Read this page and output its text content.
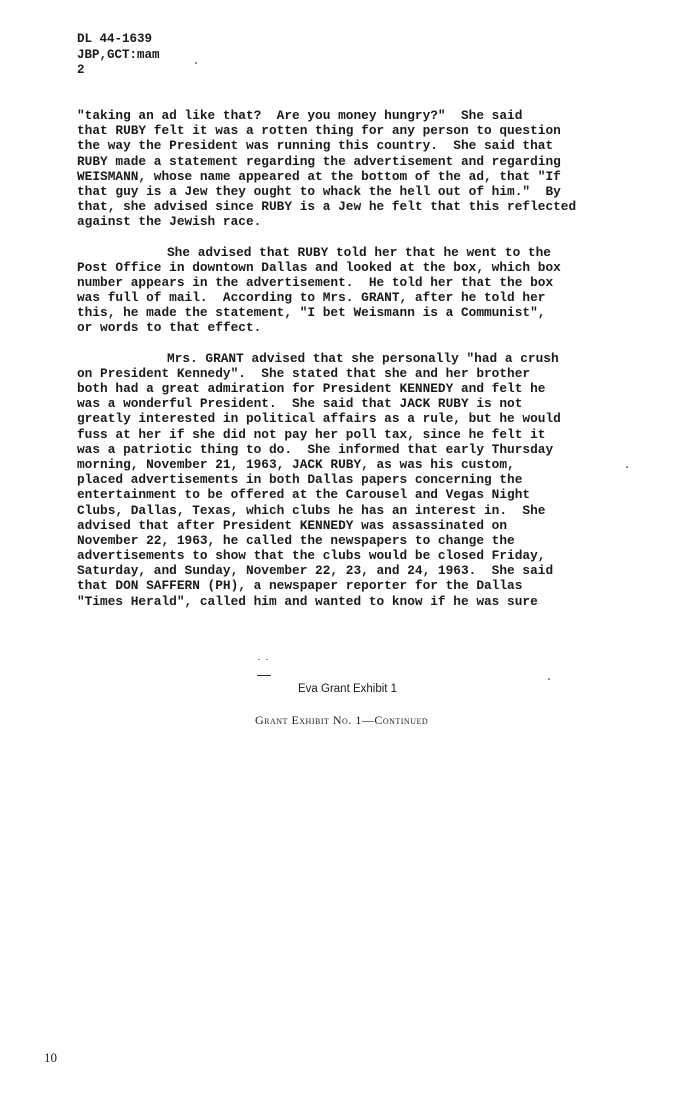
DL 44-1639
JBP,GCT:mam
2
"taking an ad like that?  Are you money hungry?"  She said
that RUBY felt it was a rotten thing for any person to question
the way the President was running this country.  She said that
RUBY made a statement regarding the advertisement and regarding
WEISMANN, whose name appeared at the bottom of the ad, that "If
that guy is a Jew they ought to whack the hell out of him."  By
that, she advised since RUBY is a Jew he felt that this reflected
against the Jewish race.
She advised that RUBY told her that he went to the
Post Office in downtown Dallas and looked at the box, which box
number appears in the advertisement.  He told her that the box
was full of mail.  According to Mrs. GRANT, after he told her
this, he made the statement, "I bet Weismann is a Communist",
or words to that effect.
Mrs. GRANT advised that she personally "had a crush
on President Kennedy".  She stated that she and her brother
both had a great admiration for President KENNEDY and felt he
was a wonderful President.  She said that JACK RUBY is not
greatly interested in political affairs as a rule, but he would
fuss at her if she did not pay her poll tax, since he felt it
was a patriotic thing to do.  She informed that early Thursday
morning, November 21, 1963, JACK RUBY, as was his custom,
placed advertisements in both Dallas papers concerning the
entertainment to be offered at the Carousel and Vegas Night
Clubs, Dallas, Texas, which clubs he has an interest in.  She
advised that after President KENNEDY was assassinated on
November 22, 1963, he called the newspapers to change the
advertisements to show that the clubs would be closed Friday,
Saturday, and Sunday, November 22, 23, and 24, 1963.  She said
that DON SAFFERN (PH), a newspaper reporter for the Dallas
"Times Herald", called him and wanted to know if he was sure
Eva Grant Exhibit 1
Grant Exhibit No. 1—Continued
10
